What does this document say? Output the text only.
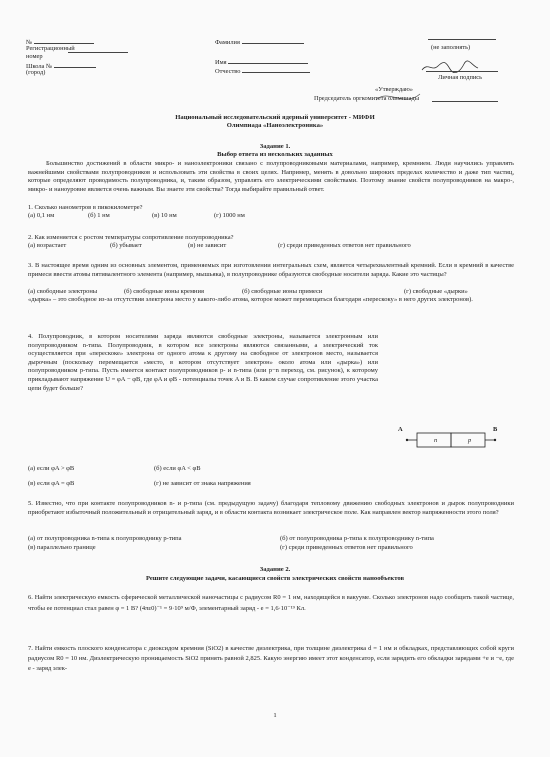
№
Регистрационный
номер
Школа №
(город)
Фамилия
Имя
Отчество
(не заполнять)
Личная подпись
«Утверждаю»
Председатель оргкомитета олимпиады
Национальный исследовательский ядерный университет - МИФИ
Олимпиада «Нанoэлектроника»
Задание 1.
Выбор ответа из нескольких заданных
Большинство достижений в области микро- и наноэлектроники связано с полупроводниковыми материалами, например, кремнием. Люди научились управлять важнейшими свойствами полупроводников и использовать эти свойства в своих целях. Например, менять в довольно широких пределах количество и даже тип частиц, которые определяют проводимость полупроводника, и, таким образом, управлять его электрическими свойствами. Поэтому знание свойств полупроводников на макро-, микро- и наноуровне является очень важным. Вы знаете эти свойства? Тогда выбирайте правильный ответ.
1. Сколько нанометров в пикокилометре?
(а) 0,1 нм	(б) 1 нм	(в) 10 нм	(г) 1000 нм
2. Как изменяется с ростом температуры сопротивление полупроводника?
(а) возрастает	(б) убывает	(в) не зависит	(г) среди приведенных ответов нет правильного
3. В настоящее время одним из основных элементом, применяемых при изготовлении интегральных схем, является четырехвалентный кремний. Если в кремний в качестве примеси ввести атомы пятивалентного элемента (например, мышьяка), в полупроводнике образуются свободные носители заряда. Какие это частицы?
(а) свободные электроны	(б) свободные ионы кремния	(б) свободные ионы примеси	(г) свободные «дырки»
«дырка» – это свободное из-за отсутствия электрона место у какого-либо атома, которое может перемещаться благодаря «перескоку» в него других электронов).
4. Полупроводник, в котором носителями заряда являются свободные электроны, называется электронным или полупроводником n-типа. Полупроводник, в котором все электроны являются связанными, а электрический ток осуществляется при «перескоке» электрона от одного атома к другому на свободное от электронов место, называется дырочным (поскольку перемещается «место, в котором отсутствует электрон» около атома или «дырка») или полупроводником p-типа. Пусть имеется контакт полупроводников p- и n-типа (или p−n переход, см. рисунок), к которому прикладывают напряжение U = φA − φB, где φA и φB - потенциалы точек A и B. В каком случае сопротивление этого участка цепи будет больше?
A	B
n	p
(а) если φA > φB	(б) если φA < φB
(в) если φA = φB	(г) не зависит от знака напряжения
5. Известно, что при контакте полупроводников n- и p-типа (см. предыдущую задачу) благодаря тепловому движению свободных электронов и дырок полупроводники приобретают избыточный положительный и отрицательный заряд, и в области контакта возникает электрическое поле. Как направлен вектор напряженности этого поля?
(а) от полупроводника n-типа к полупроводнику p-типа	(б) от полупроводника p-типа к полупроводнику n-типа
(в) параллельно границе	(г) среди приведенных ответов нет правильного
Задание 2.
Решите следующие задачи, касающиеся свойств электрических свойств нанообъектов
6. Найти электрическую емкость сферической металлической наночастицы с радиусом R0 = 1 нм, находящейся в вакууме. Сколько электронов надо сообщить такой частице, чтобы ее потенциал стал равен φ = 1 В? (4πε0)⁻¹ = 9·10⁹ м/Ф, элементарный заряд - e = 1,6·10⁻¹⁹ Кл.
7. Найти емкость плоского конденсатора с диоксидом кремния (SiO2) в качестве диэлектрика, при толщине диэлектрика d = 1 нм и обкладках, представляющих собой круги радиусом R0 = 10 нм. Диэлектрическую проницаемость SiO2 принять равной 2,825. Какую энергию имеет этот конденсатор, если зарядить его обкладки зарядами +e и −e, где e - заряд элек-
1
